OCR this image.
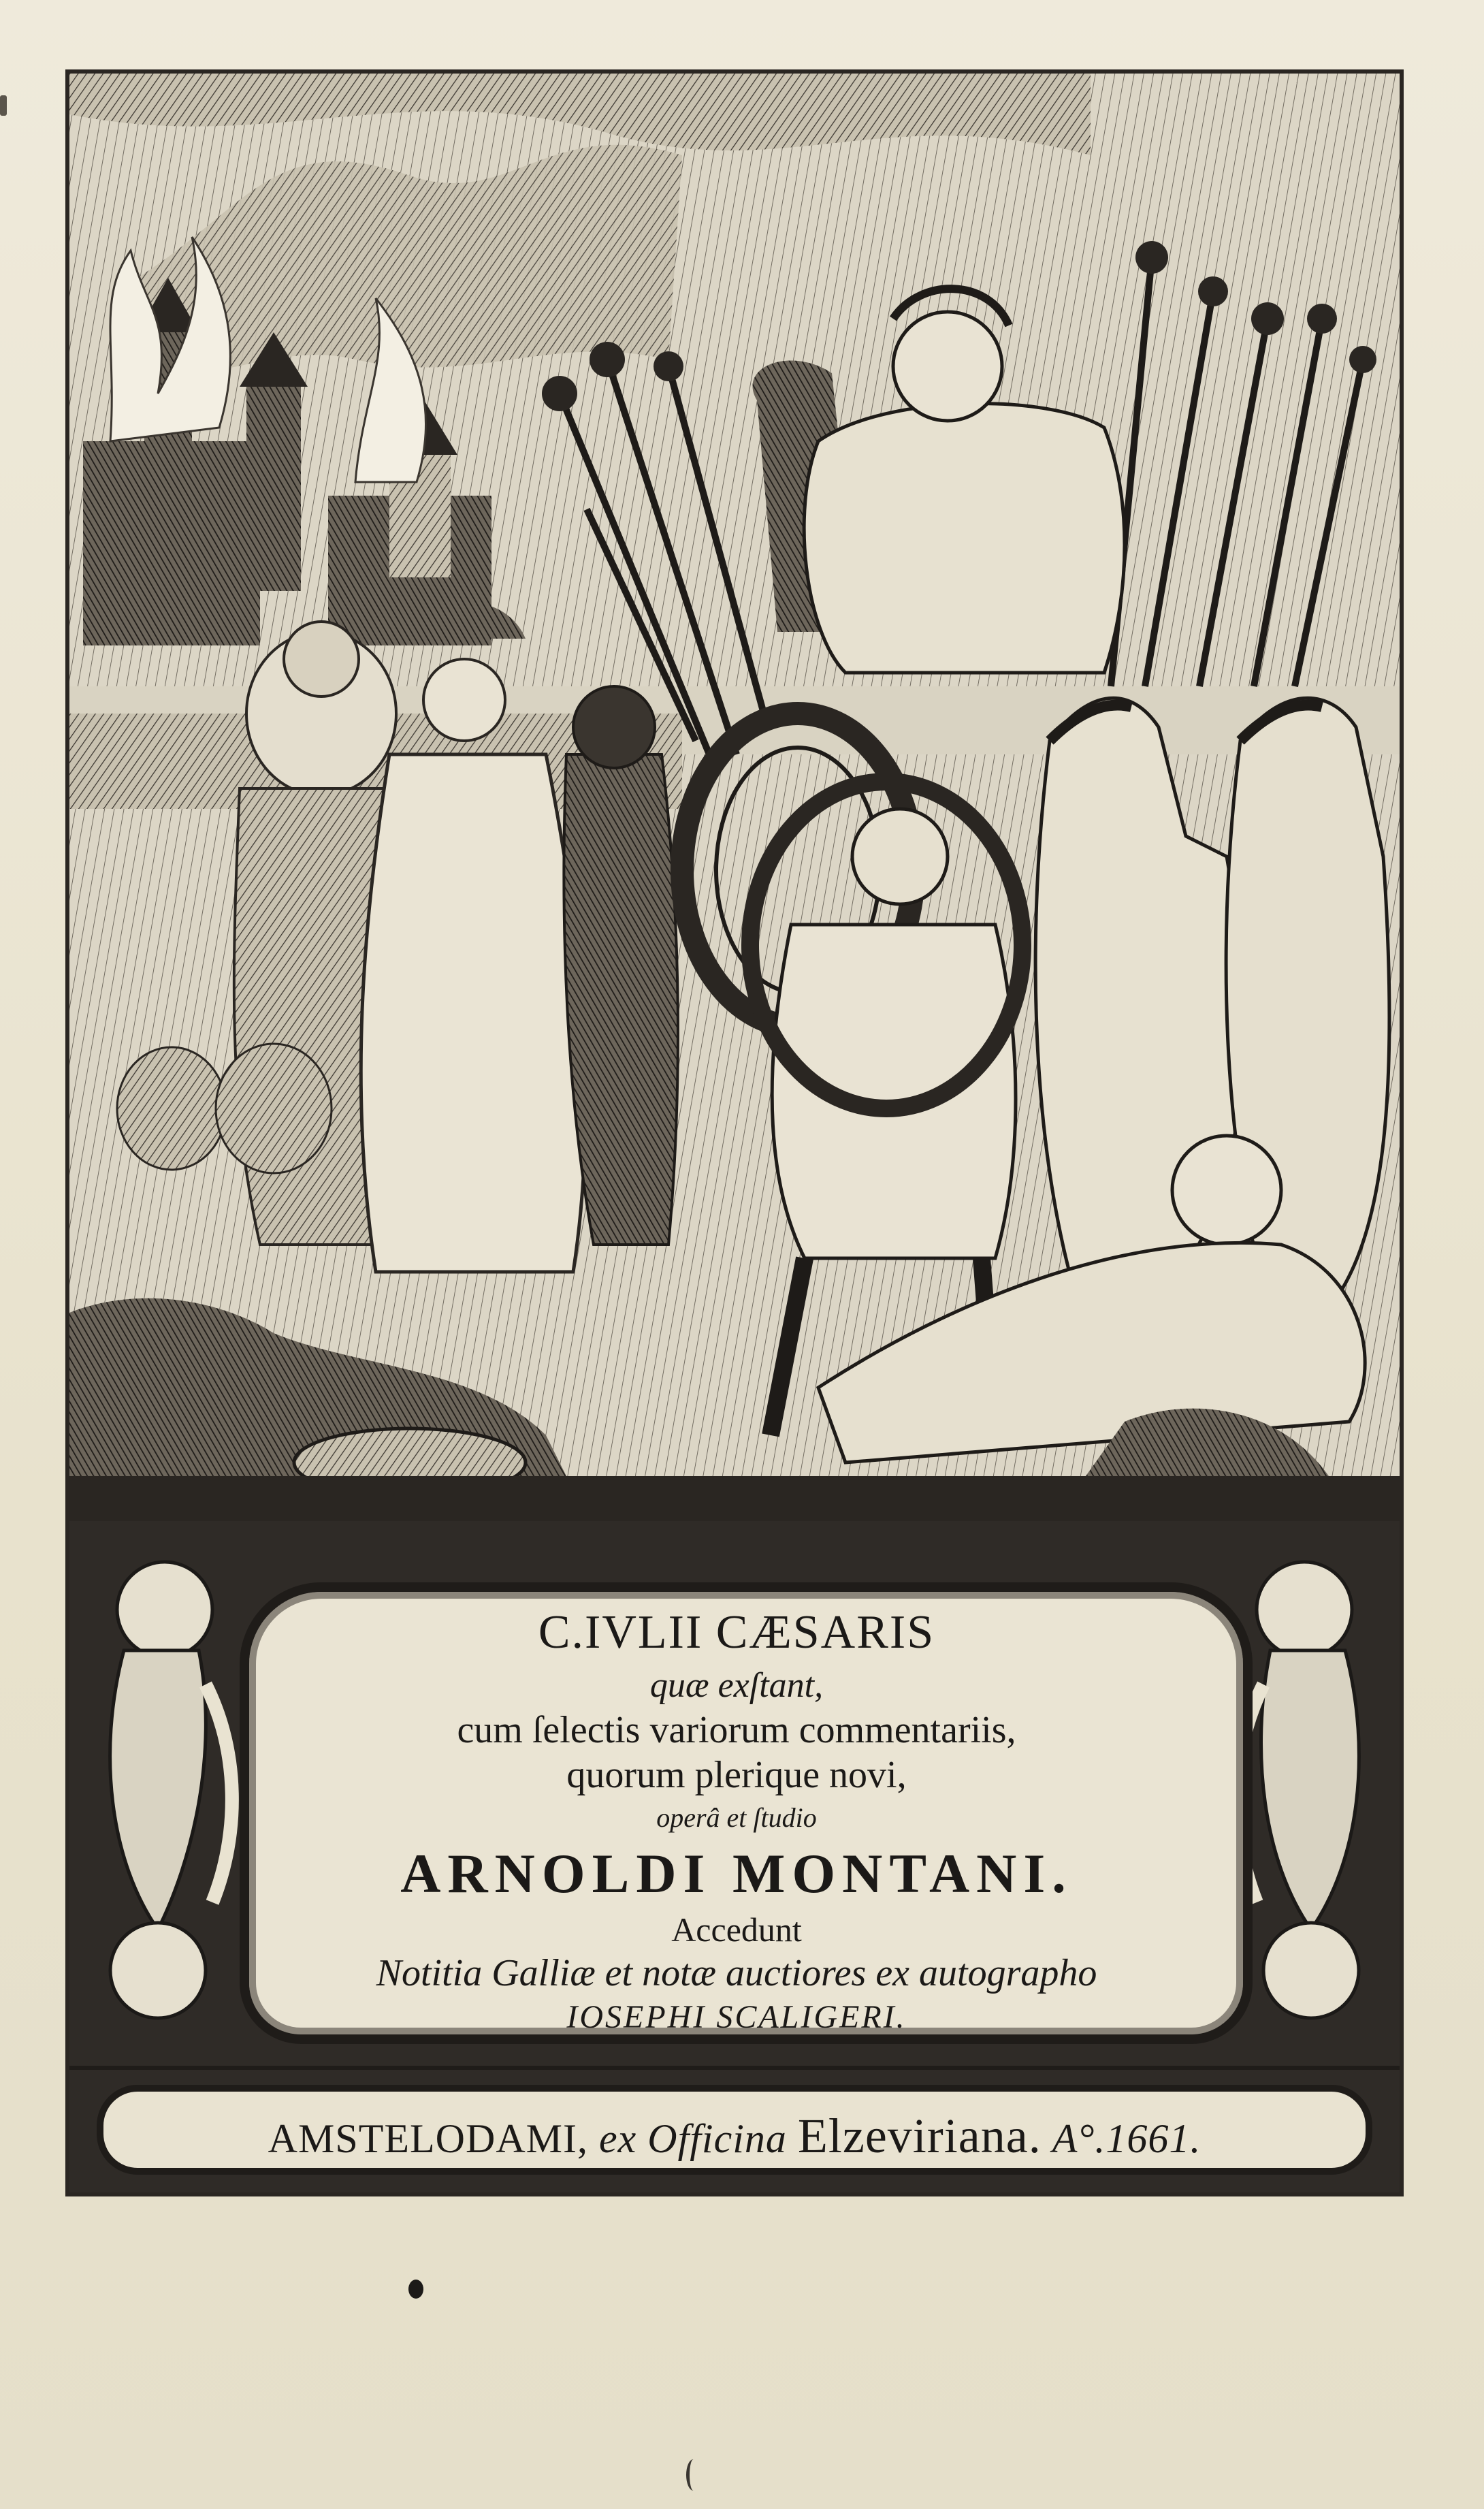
C.IVLII CÆSARIS

quæ exſtant,

cum ſelectis variorum commentariis,

quorum plerique novi,

operâ et ſtudio

ARNOLDI MONTANI.

Accedunt

Notitia Galliæ et notæ auctiores ex autographo

IOSEPHI SCALIGERI.

AMSTELODAMI, ex Officina Elzeviriana. A°.1661.
